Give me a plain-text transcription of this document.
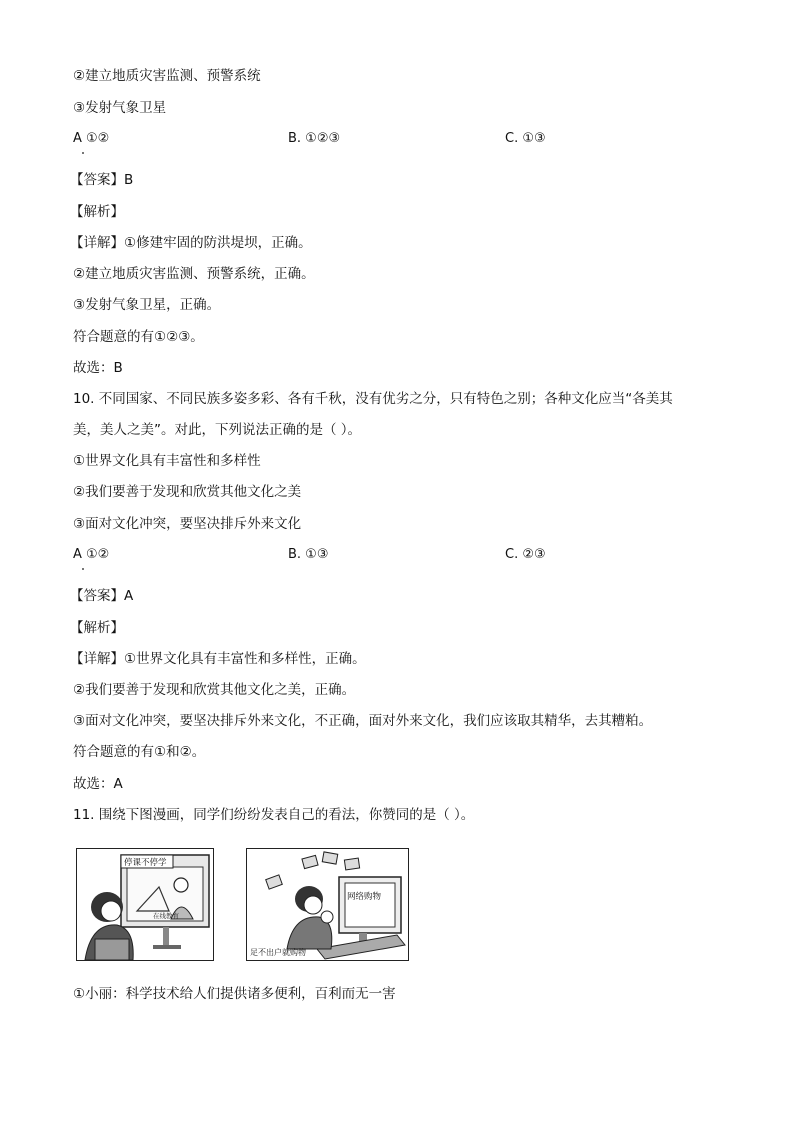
②建立地质灾害监测、预警系统
③发射气象卫星
A ①②	B. ①②③	C. ①③
【答案】B
【解析】
【详解】①修建牢固的防洪堤坝，正确。
②建立地质灾害监测、预警系统，正确。
③发射气象卫星，正确。
符合题意的有①②③。
故选：B
10. 不同国家、不同民族多姿多彩、各有千秋，没有优劣之分，只有特色之别；各种文化应当“各美其
美，美人之美”。对此，下列说法正确的是（ ）。
①世界文化具有丰富性和多样性
②我们要善于发现和欣赏其他文化之美
③面对文化冲突，要坚决排斥外来文化
A ①②	B. ①③	C. ②③
【答案】A
【解析】
【详解】①世界文化具有丰富性和多样性，正确。
②我们要善于发现和欣赏其他文化之美，正确。
③面对文化冲突，要坚决排斥外来文化，不正确，面对外来文化，我们应该取其精华，去其糟粕。
符合题意的有①和②。
故选：A
11. 围绕下图漫画，同学们纷纷发表自己的看法，你赞同的是（ ）。
停课不停学
在线教育
网络购物
足不出户就购物
①小丽：科学技术给人们提供诸多便利，百利而无一害
